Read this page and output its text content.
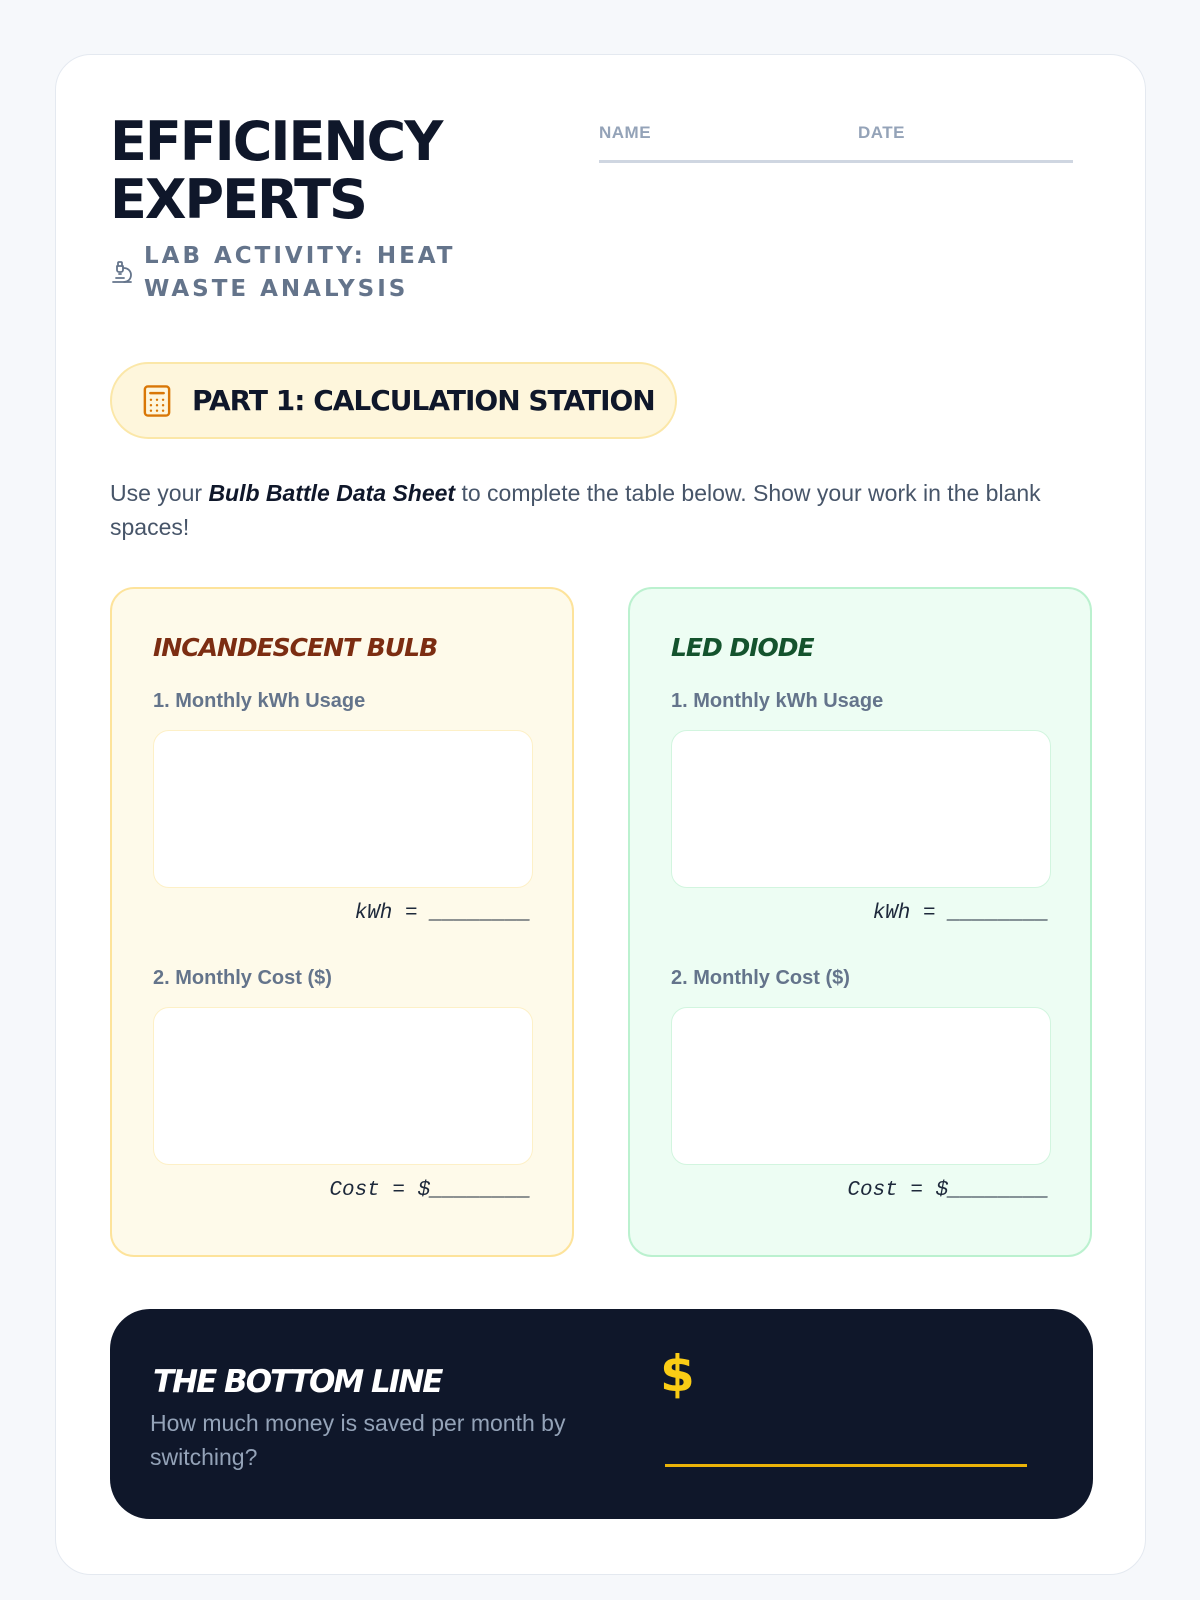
EFFICIENCY
EXPERTS
LAB ACTIVITY: HEAT WASTE ANALYSIS
NAME	DATE
PART 1: CALCULATION STATION

Use your Bulb Battle Data Sheet to complete the table below. Show your work in the blank spaces!

INCANDESCENT BULB
1. Monthly kWh Usage
kWh = ________
2. Monthly Cost ($)
Cost = $________
LED DIODE
1. Monthly kWh Usage
kWh = ________
2. Monthly Cost ($)
Cost = $________
THE BOTTOM LINE

How much money is saved per month by switching?

$
